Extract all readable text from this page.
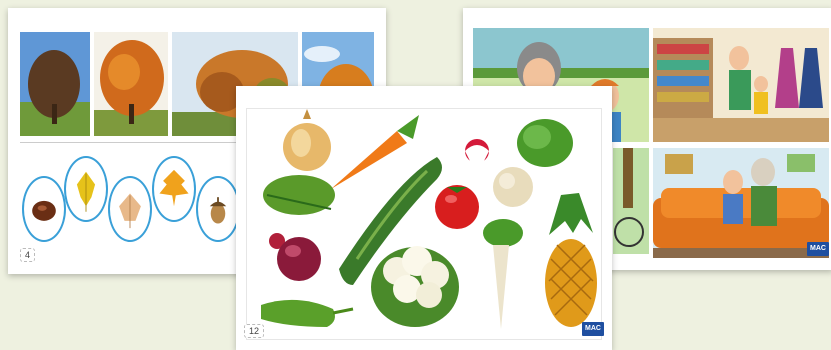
4
MAC
12	MAC
